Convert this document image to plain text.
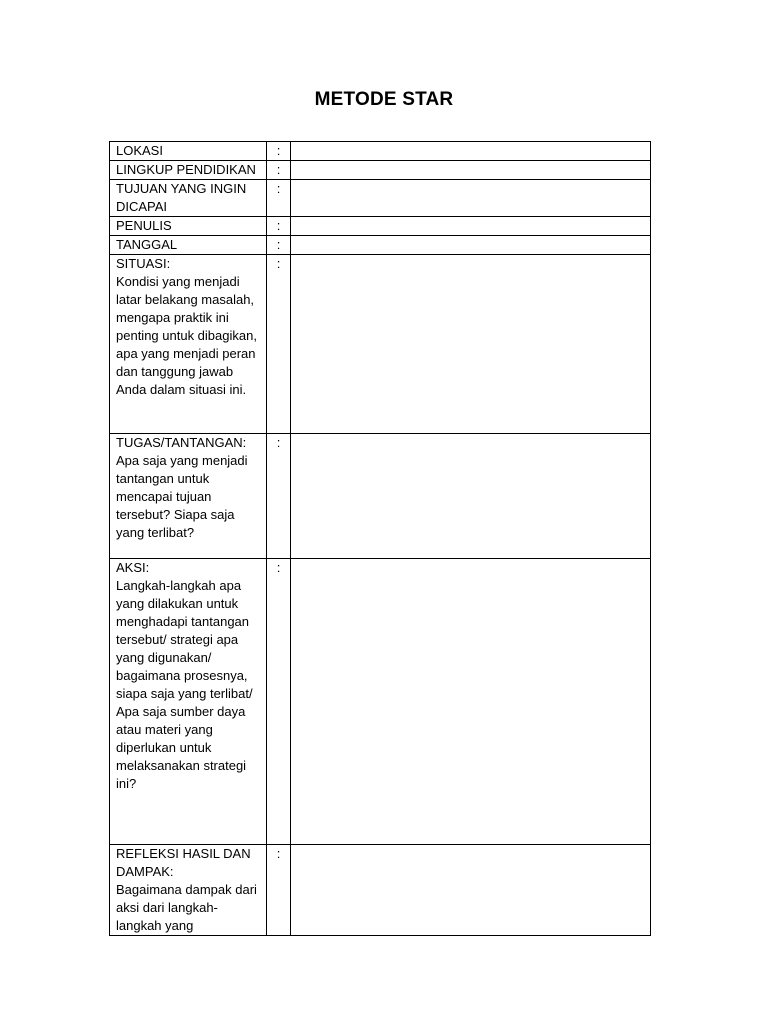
METODE STAR
LOKASI	:	
LINGKUP PENDIDIKAN	:	
TUJUAN YANG INGIN DICAPAI	:	
PENULIS	:	
TANGGAL	:	

SITUASI:
Kondisi yang menjadi latar belakang masalah, mengapa praktik ini penting untuk dibagikan, apa yang menjadi peran dan tanggung jawab Anda dalam situasi ini.	:	

TUGAS/TANTANGAN:
Apa saja yang menjadi tantangan untuk mencapai tujuan tersebut? Siapa saja yang terlibat?	:	

AKSI:
Langkah-langkah apa yang dilakukan untuk menghadapi tantangan tersebut/ strategi apa yang digunakan/ bagaimana prosesnya, siapa saja yang terlibat/ Apa saja sumber daya atau materi yang diperlukan untuk melaksanakan strategi ini?	:	

REFLEKSI HASIL DAN DAMPAK:
Bagaimana dampak dari aksi dari langkah-langkah yang	:	
